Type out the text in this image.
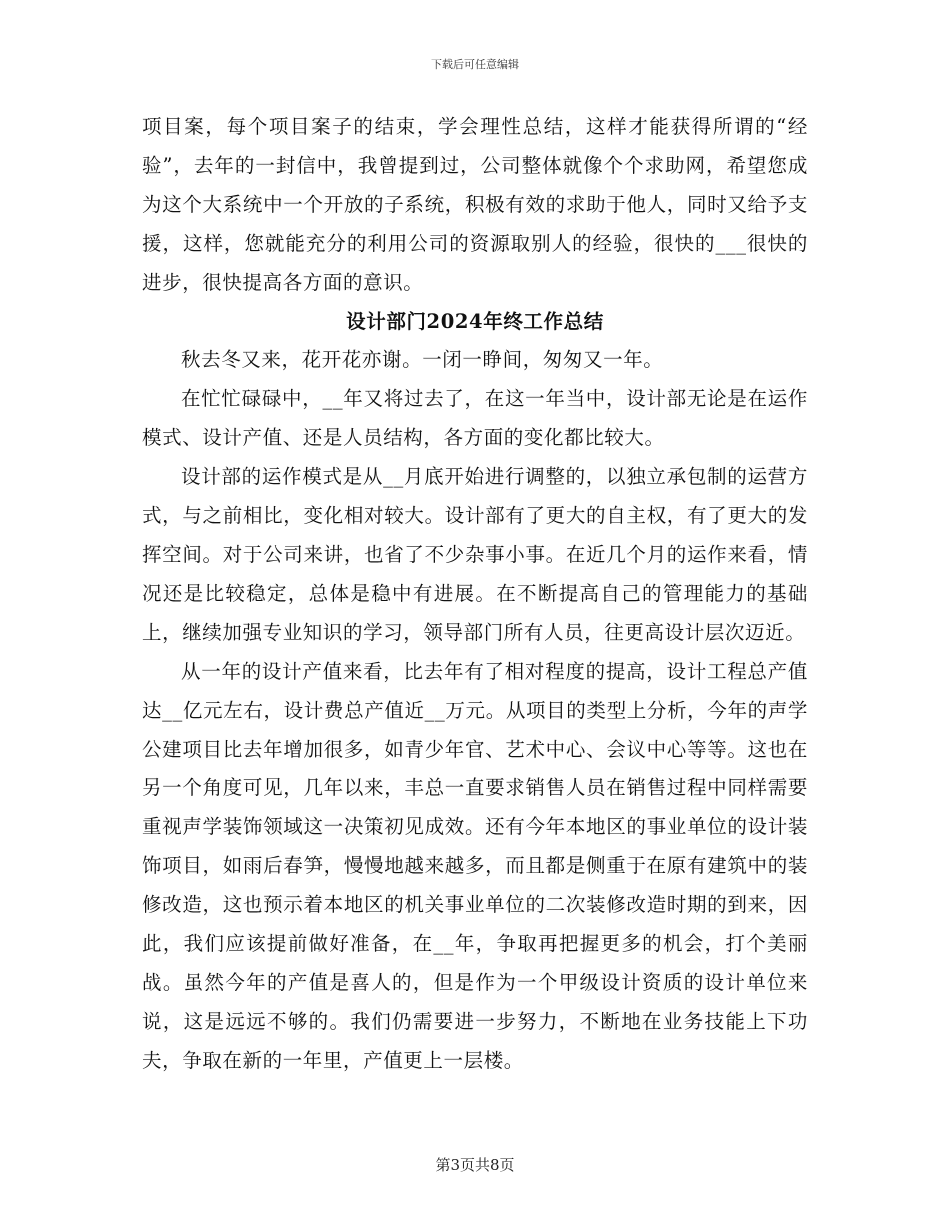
下载后可任意编辑

项目案，每个项目案子的结束，学会理性总结，这样才能获得所谓的“经验”，去年的一封信中，我曾提到过，公司整体就像个个求助网，希望您成为这个大系统中一个开放的子系统，积极有效的求助于他人，同时又给予支援，这样，您就能充分的利用公司的资源取别人的经验，很快的___很快的进步，很快提高各方面的意识。

设计部门2024年终工作总结

秋去冬又来，花开花亦谢。一闭一睁间，匆匆又一年。

在忙忙碌碌中，__年又将过去了，在这一年当中，设计部无论是在运作模式、设计产值、还是人员结构，各方面的变化都比较大。

设计部的运作模式是从__月底开始进行调整的，以独立承包制的运营方式，与之前相比，变化相对较大。设计部有了更大的自主权，有了更大的发挥空间。对于公司来讲，也省了不少杂事小事。在近几个月的运作来看，情况还是比较稳定，总体是稳中有进展。在不断提高自己的管理能力的基础上，继续加强专业知识的学习，领导部门所有人员，往更高设计层次迈近。

从一年的设计产值来看，比去年有了相对程度的提高，设计工程总产值达__亿元左右，设计费总产值近__万元。从项目的类型上分析，今年的声学公建项目比去年增加很多，如青少年官、艺术中心、会议中心等等。这也在另一个角度可见，几年以来，丰总一直要求销售人员在销售过程中同样需要重视声学装饰领域这一决策初见成效。还有今年本地区的事业单位的设计装饰项目，如雨后春笋，慢慢地越来越多，而且都是侧重于在原有建筑中的装修改造，这也预示着本地区的机关事业单位的二次装修改造时期的到来，因此，我们应该提前做好准备，在__年，争取再把握更多的机会，打个美丽战。虽然今年的产值是喜人的，但是作为一个甲级设计资质的设计单位来说，这是远远不够的。我们仍需要进一步努力，不断地在业务技能上下功夫，争取在新的一年里，产值更上一层楼。

第3页共8页
